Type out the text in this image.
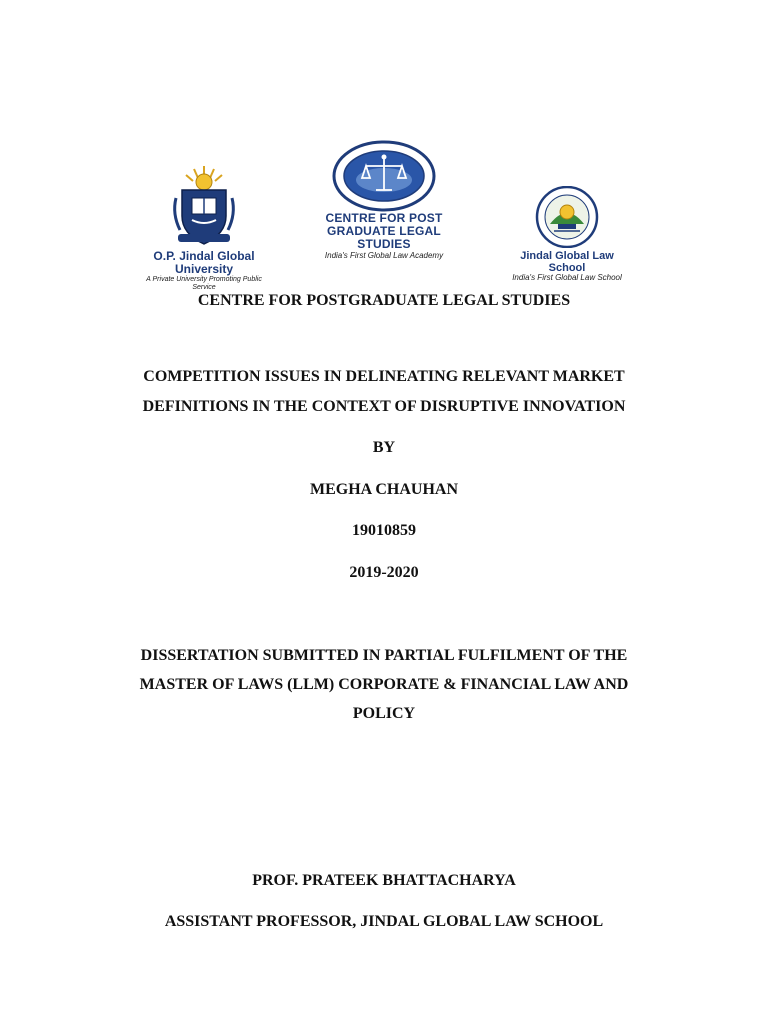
O.P. Jindal Global University
A Private University Promoting Public Service
CENTRE FOR POST
GRADUATE LEGAL STUDIES
India's First Global Law Academy	Jindal Global Law School
India's First Global Law School
CENTRE FOR POSTGRADUATE LEGAL STUDIES
COMPETITION ISSUES IN DELINEATING RELEVANT MARKET
DEFINITIONS IN THE CONTEXT OF DISRUPTIVE INNOVATION
BY
MEGHA CHAUHAN
19010859
2019-2020
DISSERTATION SUBMITTED IN PARTIAL FULFILMENT OF THE
MASTER OF LAWS (LLM) CORPORATE & FINANCIAL LAW AND
POLICY
PROF. PRATEEK BHATTACHARYA
ASSISTANT PROFESSOR, JINDAL GLOBAL LAW SCHOOL
